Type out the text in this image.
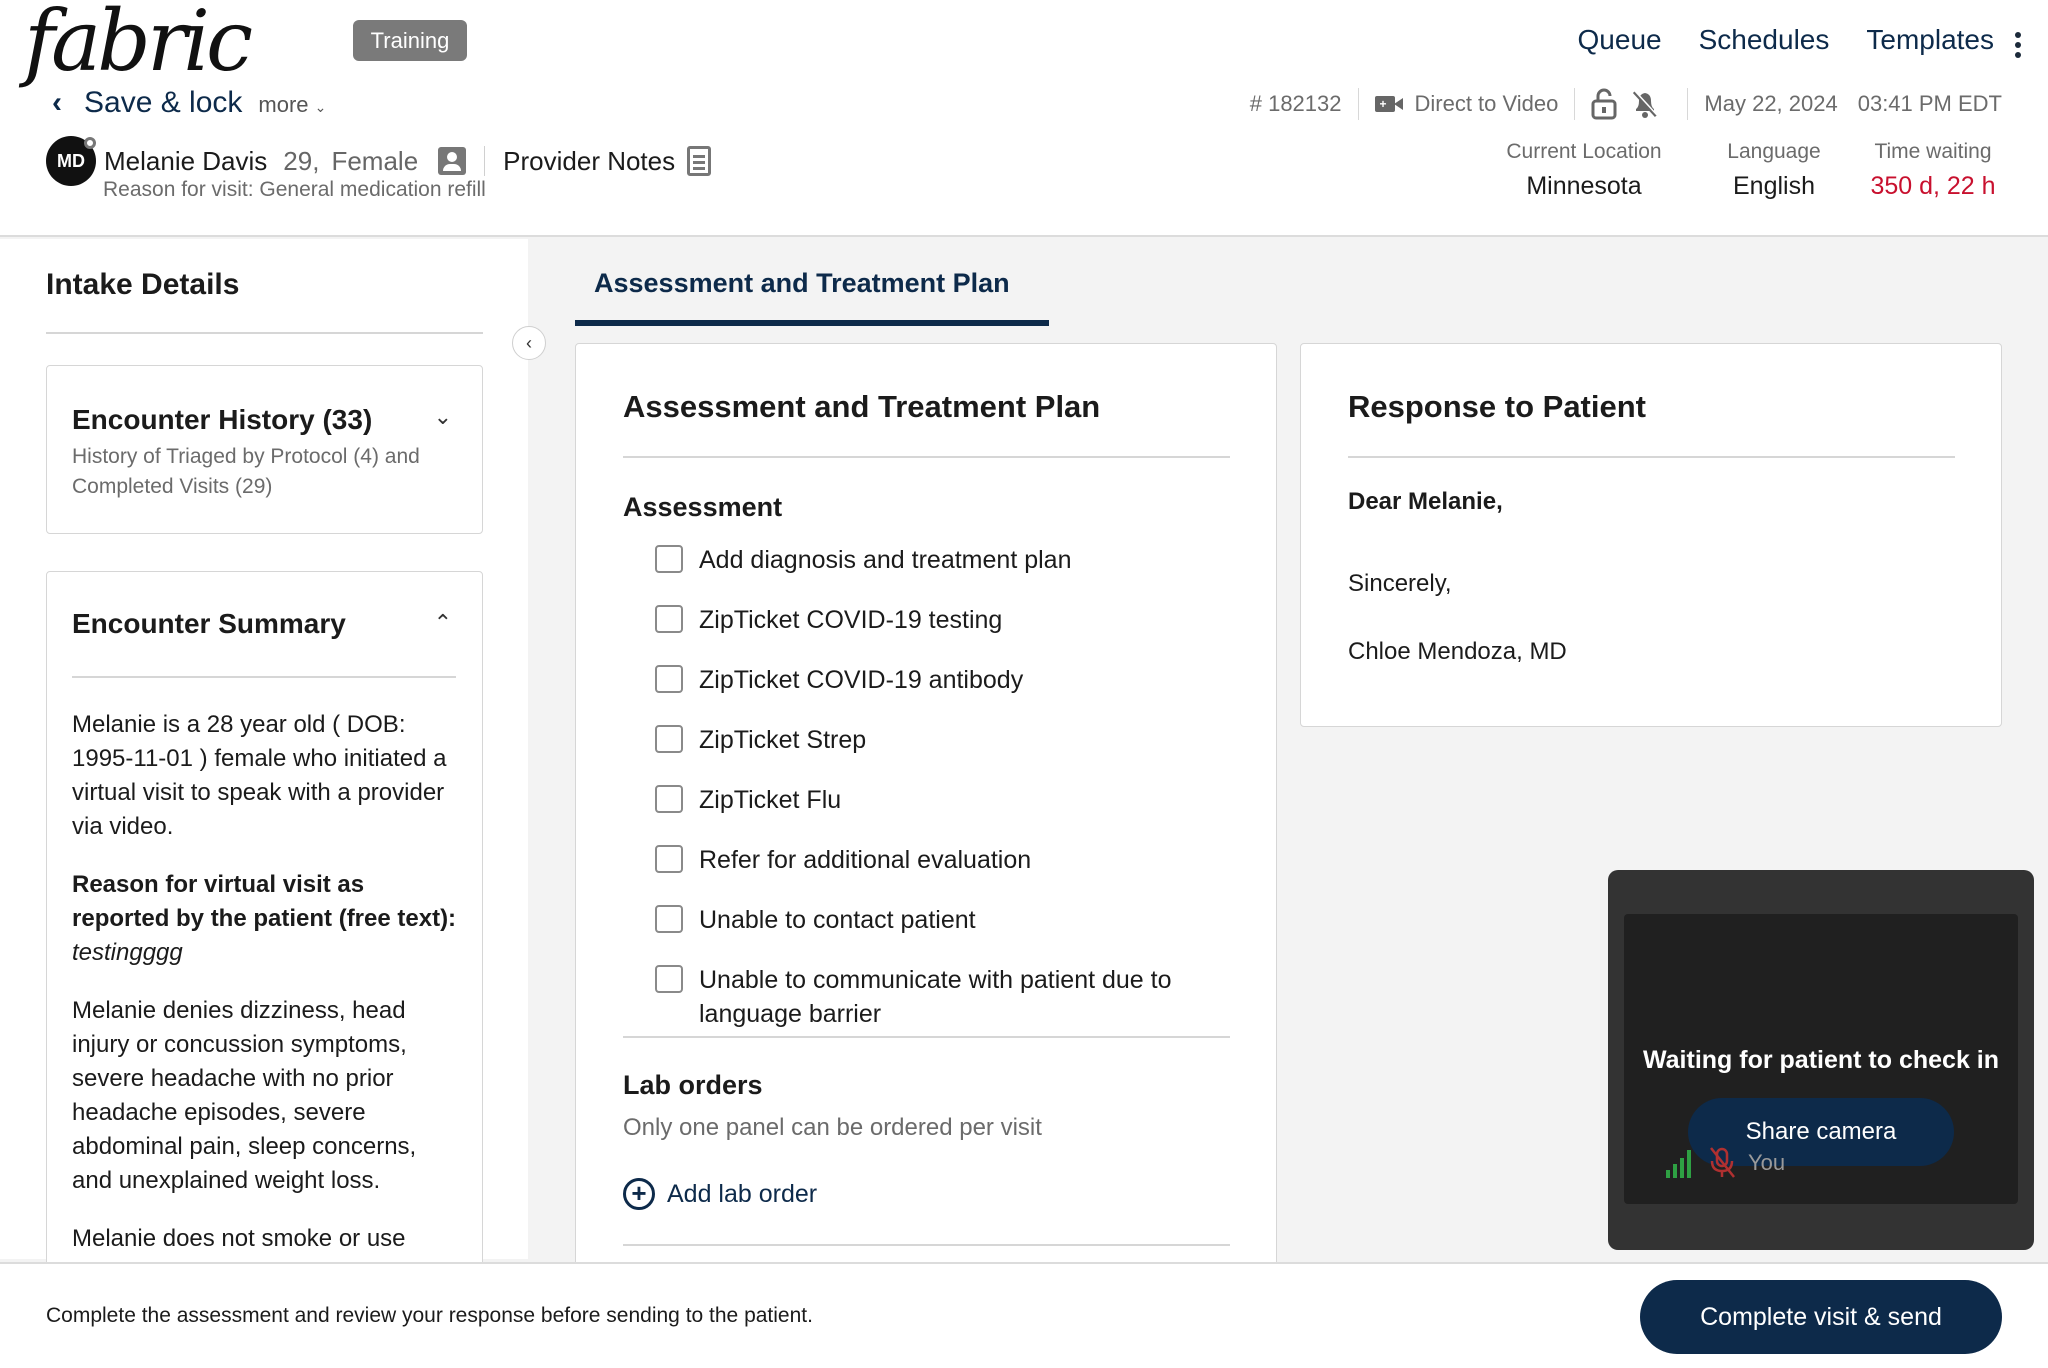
fabric	Training	Queue Schedules Templates
‹ Save & lock more ⌄	# 182132	+ Direct to Video	May 22, 2024 03:41 PM EDT
MD Melanie Davis 29, Female	Provider Notes
Reason for visit: General medication refill
Current Location
Minnesota
Language
English
Time waiting
350 d, 22 h
Intake Details
Encounter History (33)	⌄
History of Triaged by Protocol (4) and Completed Visits (29)
Encounter Summary	⌃

Melanie is a 28 year old ( DOB: 1995-11-01 ) female who initiated a virtual visit to speak with a provider via video.

Reason for virtual visit as reported by the patient (free text): testingggg

Melanie denies dizziness, head injury or concussion symptoms, severe headache with no prior headache episodes, severe abdominal pain, sleep concerns, and unexplained weight loss.

Melanie does not smoke or use

‹
Assessment and Treatment Plan
Assessment and Treatment Plan
Assessment
Add diagnosis and treatment plan
ZipTicket COVID-19 testing
ZipTicket COVID-19 antibody
ZipTicket Strep
ZipTicket Flu
Refer for additional evaluation
Unable to contact patient
Unable to communicate with patient due to language barrier
Lab orders
Only one panel can be ordered per visit
+ Add lab order
Response to Patient
Dear Melanie,
Sincerely,
Chloe Mendoza, MD
Waiting for patient to check in
Share camera
You
Complete the assessment and review your response before sending to the patient.	Complete visit & send
